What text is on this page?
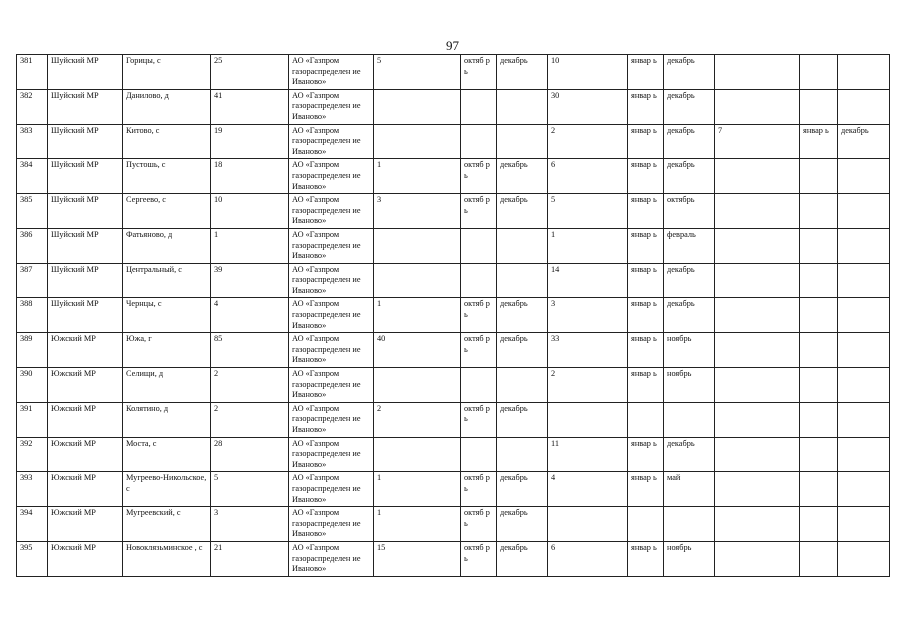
97
381	Шуйский МР	Горицы, с	25	АО «Газпром газораспределен ие Иваново»	5	октяб рь	декабрь	10	январ ь	декабрь			
382	Шуйский МР	Данилово, д	41	АО «Газпром газораспределен ие Иваново»				30	январ ь	декабрь			
383	Шуйский МР	Китово, с	19	АО «Газпром газораспределен ие Иваново»				2	январ ь	декабрь	7	январ ь	декабрь
384	Шуйский МР	Пустошь, с	18	АО «Газпром газораспределен ие Иваново»	1	октяб рь	декабрь	6	январ ь	декабрь			
385	Шуйский МР	Сергеево, с	10	АО «Газпром газораспределен ие Иваново»	3	октяб рь	декабрь	5	январ ь	октябрь			
386	Шуйский МР	Фатьяново, д	1	АО «Газпром газораспределен ие Иваново»				1	январ ь	февраль			
387	Шуйский МР	Центральный, с	39	АО «Газпром газораспределен ие Иваново»				14	январ ь	декабрь			
388	Шуйский МР	Чернцы, с	4	АО «Газпром газораспределен ие Иваново»	1	октяб рь	декабрь	3	январ ь	декабрь			
389	Южский МР	Южа, г	85	АО «Газпром газораспределен ие Иваново»	40	октяб рь	декабрь	33	январ ь	ноябрь			
390	Южский МР	Селищи, д	2	АО «Газпром газораспределен ие Иваново»				2	январ ь	ноябрь			
391	Южский МР	Колятино, д	2	АО «Газпром газораспределен ие Иваново»	2	октяб рь	декабрь						
392	Южский МР	Моста, с	28	АО «Газпром газораспределен ие Иваново»				11	январ ь	декабрь			
393	Южский МР	Мугреево-Никольское, с	5	АО «Газпром газораспределен ие Иваново»	1	октяб рь	декабрь	4	январ ь	май			
394	Южский МР	Мугреевский, с	3	АО «Газпром газораспределен ие Иваново»	1	октяб рь	декабрь						
395	Южский МР	Новоклязьминское , с	21	АО «Газпром газораспределен ие Иваново»	15	октяб рь	декабрь	6	январ ь	ноябрь			
